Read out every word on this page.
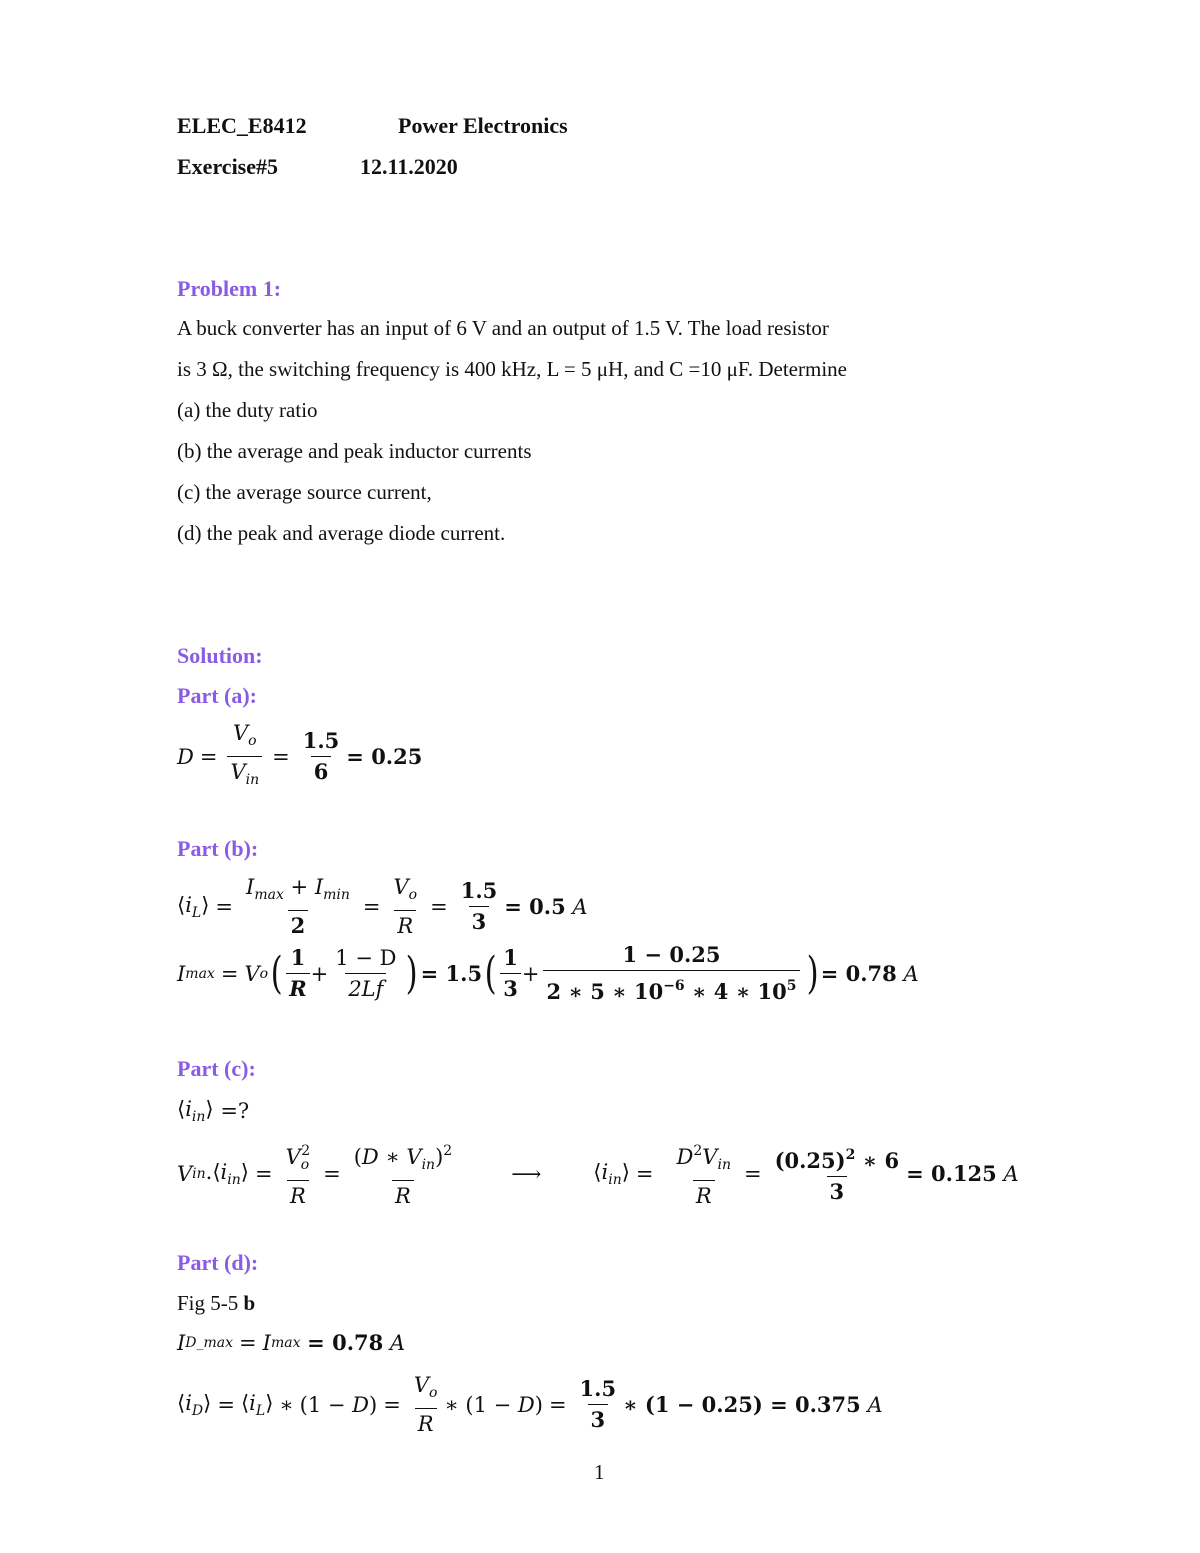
ELEC_E8412	Power Electronics
Exercise#5	12.11.2020
Problem 1:
A buck converter has an input of 6 V and an output of 1.5 V. The load resistor
is 3 Ω, the switching frequency is 400 kHz, L = 5 μH, and C =10 μF. Determine
(a) the duty ratio
(b) the average and peak inductor currents
(c) the average source current,
(d) the peak and average diode current.
Solution:
Part (a):
$D = \frac{V_o}{V_{in}} = \frac{1.5}{6} = 0.25$
Part (b):
$⟨i_L⟩ = \frac{I_{max} + I_{min}}{2} = \frac{V_o}{R} = \frac{1.5}{3} = 0.5$
A
I max = V o ( $\frac{1}{R} + \frac{1 - D}{2Lf}$ ) = 1.5 ( $\frac{1}{3} + \frac{1 - 0.25}{2 ∗ 5 ∗ 10^{-6} ∗ 4 ∗ 10^5}$ ) = 0.78
A
Part (c):
$⟨i_{in}⟩$
=?
V in $.⟨i_{in}⟩ = \frac{V_o^2}{R} = \frac{(D ∗ V_{in})^2}{R}$	⟶ $⟨i_{in}⟩ = \frac{D^2V_{in}}{R} = \frac{(0.25)^2 ∗ 6}{3} = 0.125$
A
Part (d):
Fig 5-5 b
I D_max = I max
= 0.78
A
$⟨i_D⟩$ = $⟨i_L⟩$ ∗ $(1 - D) = \frac{V_o}{R}$ ∗ $(1 - D) = \frac{1.5}{3}$ ∗ (1 − 0.25) = 0.375
A
1
